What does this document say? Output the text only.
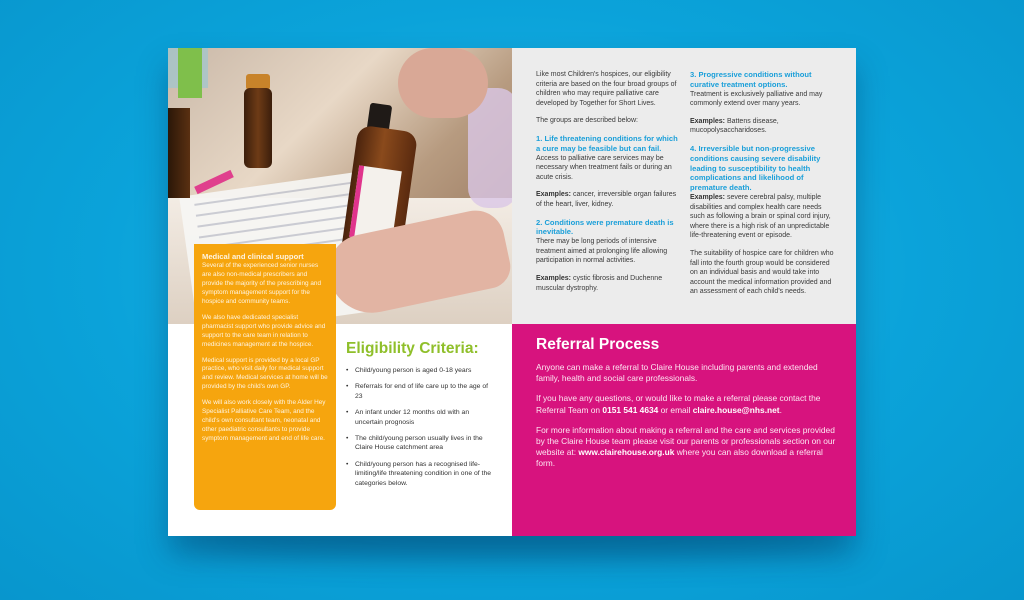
Like most Children's hospices, our eligibility criteria are based on the four broad groups of children who may require palliative care developed by Together for Short Lives.

The groups are described below:

1. Life threatening conditions for which a cure may be feasible but can fail.

Access to palliative care services may be necessary when treatment fails or during an acute crisis.

Examples: cancer, irreversible organ failures of the heart, liver, kidney.

2. Conditions were premature death is inevitable.

There may be long periods of intensive treatment aimed at prolonging life allowing participation in normal activities.

Examples: cystic fibrosis and Duchenne muscular dystrophy.

3. Progressive conditions without curative treatment options.

Treatment is exclusively palliative and may commonly extend over many years.

Examples: Battens disease, mucopolysaccharidoses.

4. Irreversible but non-progressive conditions causing severe disability leading to susceptibility to health complications and likelihood of premature death.

Examples: severe cerebral palsy, multiple disabilities and complex health care needs such as following a brain or spinal cord injury, where there is a high risk of an unpredictable life-threatening event or episode.

The suitability of hospice care for children who fall into the fourth group would be considered on an individual basis and would take into account the medical information provided and an assessment of each child's needs.

Eligibility Criteria:
• Child/young person is aged 0-18 years
• Referrals for end of life care up to the age of 23
• An infant under 12 months old with an uncertain prognosis
• The child/young person usually lives in the Claire House catchment area
• Child/young person has a recognised life-limiting/life threatening condition in one of the categories below.

Medical and clinical support

Several of the experienced senior nurses are also non-medical prescribers and provide the majority of the prescribing and symptom management support for the hospice and community teams.

We also have dedicated specialist pharmacist support who provide advice and support to the care team in relation to medicines management at the hospice.

Medical support is provided by a local GP practice, who visit daily for medical support and review. Medical services at home will be provided by the child's own GP.

We will also work closely with the Alder Hey Specialist Palliative Care Team, and the child's own consultant team, neonatal and other paediatric consultants to provide symptom management and end of life care.

Referral Process

Anyone can make a referral to Claire House including parents and extended family, health and social care professionals.

If you have any questions, or would like to make a referral please contact the Referral Team on 0151 541 4634 or email claire.house@nhs.net.

For more information about making a referral and the care and services provided by the Claire House team please visit our parents or professionals section on our website at: www.clairehouse.org.uk where you can also download a referral form.
